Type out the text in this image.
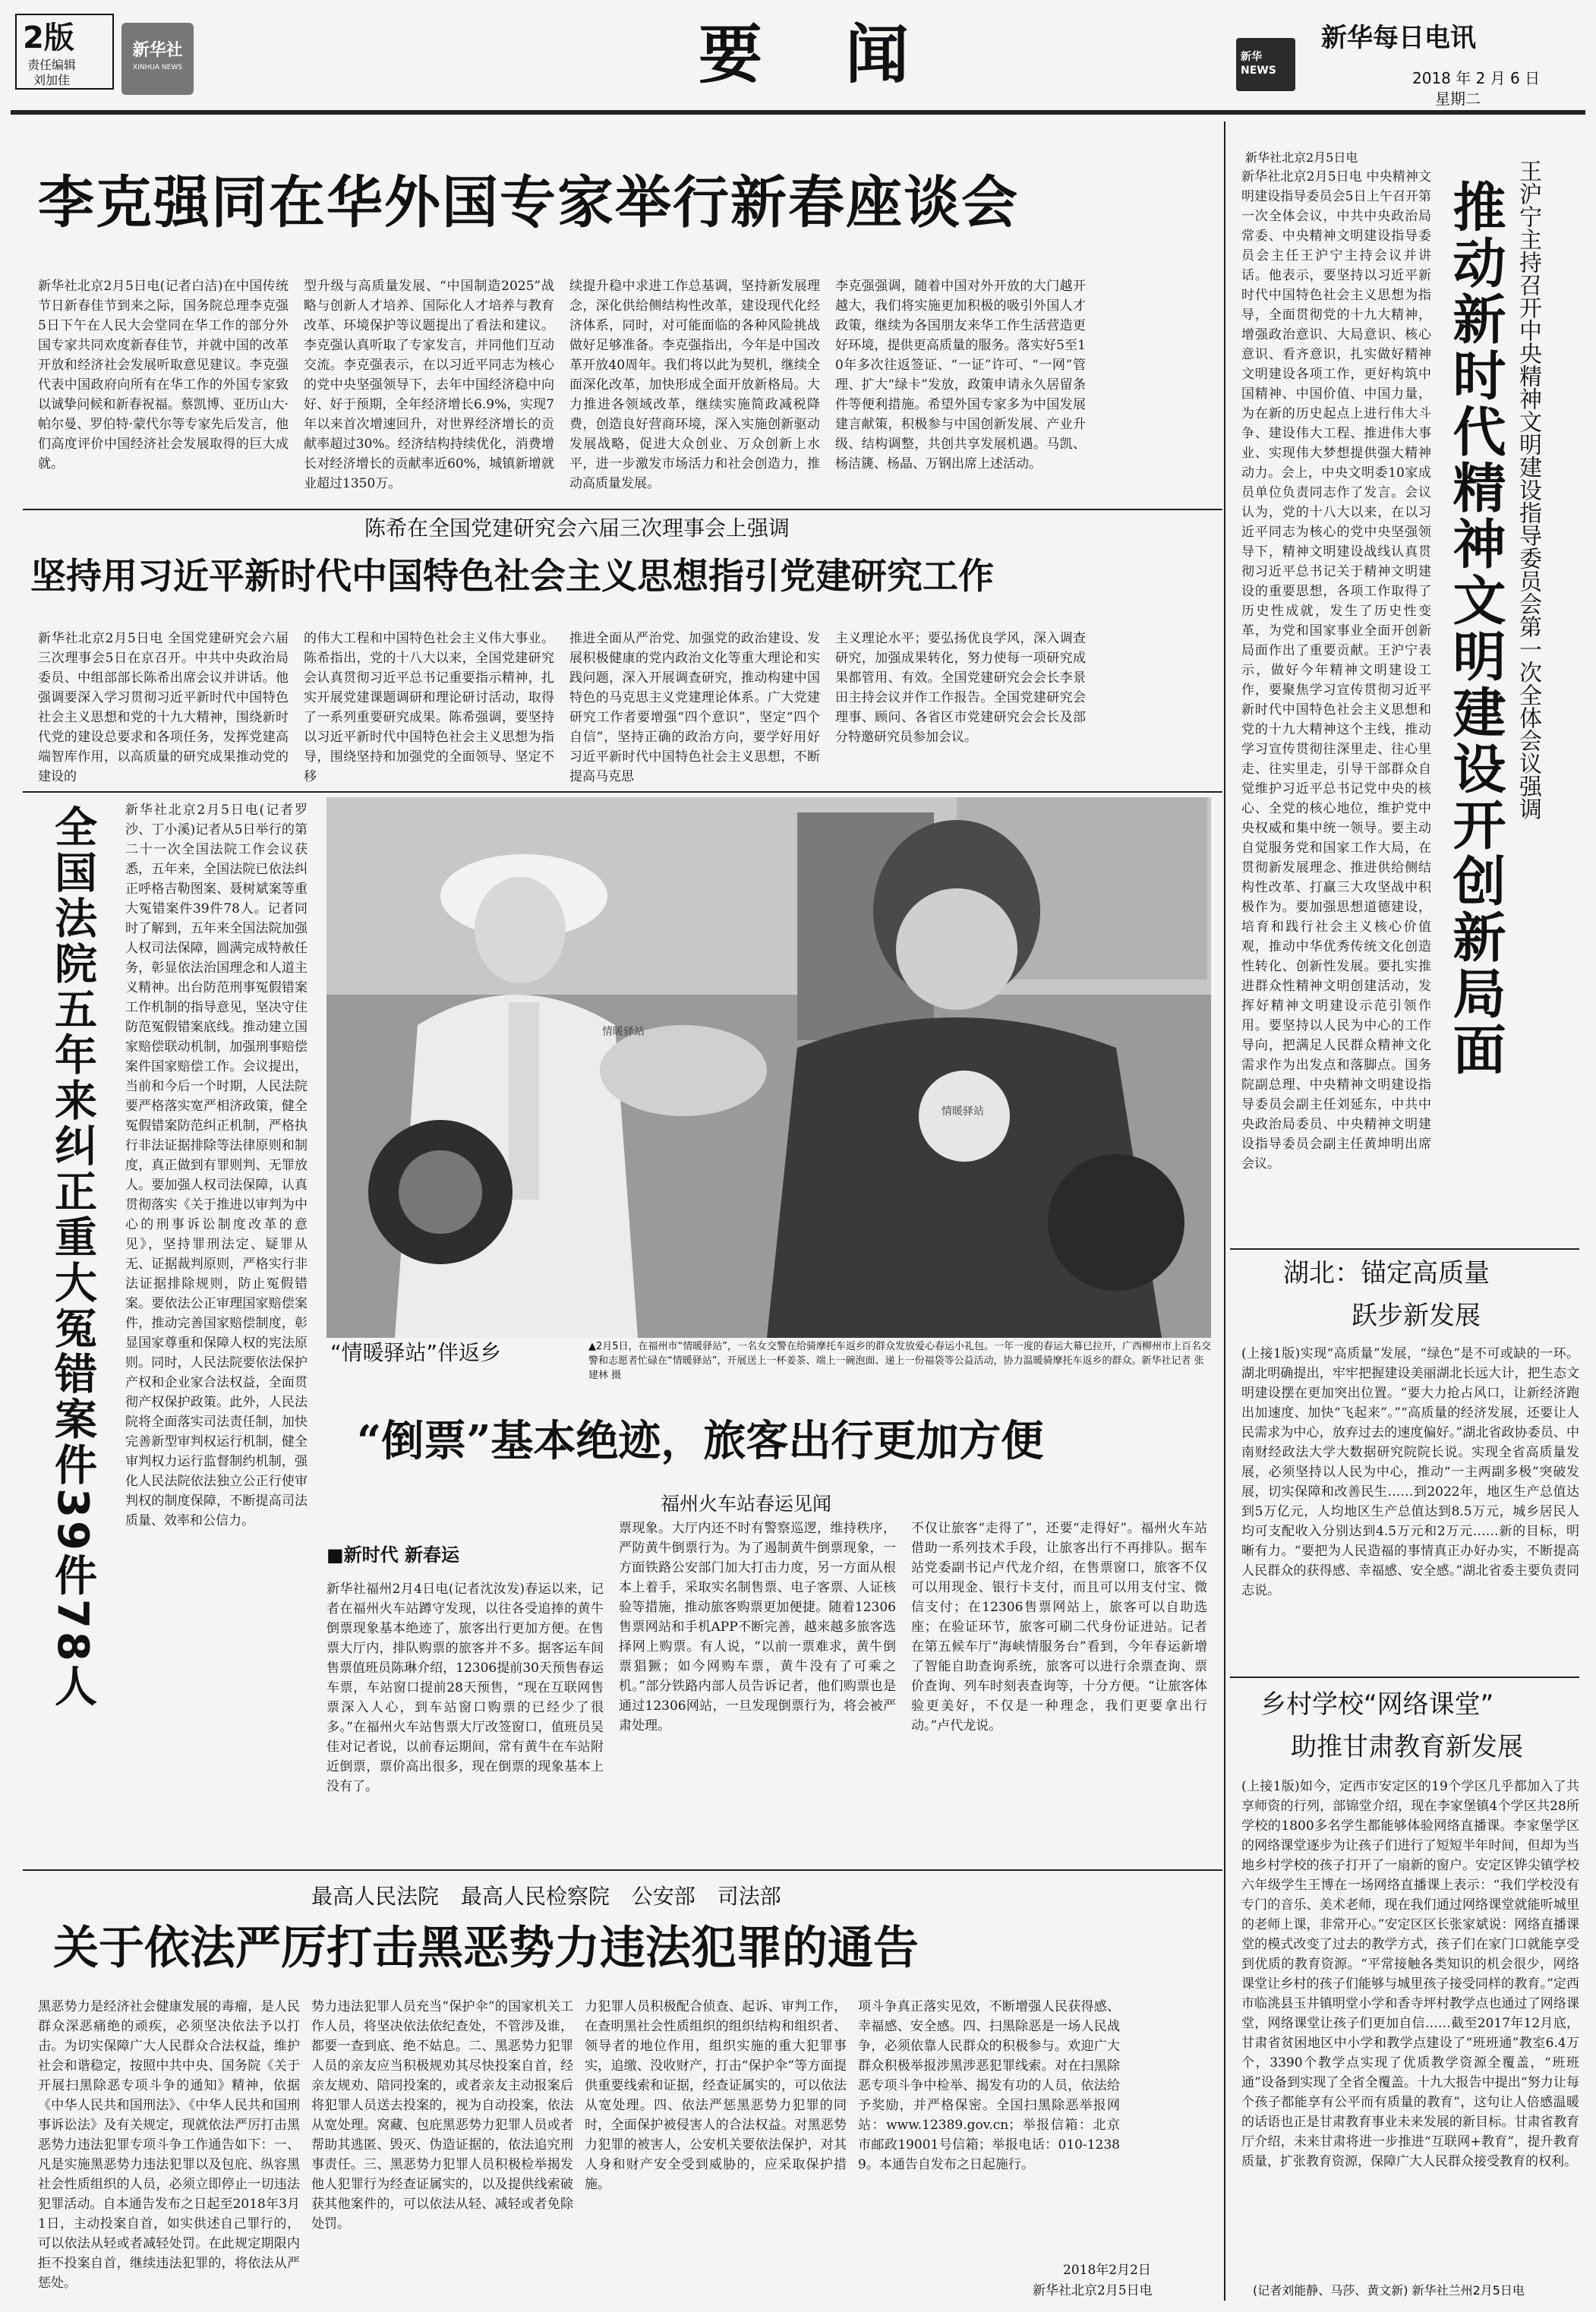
2版
责任编辑
刘加佳
新华社
XINHUA NEWS	要 闻	新华 NEWS
新华每日电讯
2018 年 2 月 6 日
星期二
李克强同在华外国专家举行新春座谈会
新华社北京2月5日电(记者白洁)在中国传统节日新春佳节到来之际，国务院总理李克强5日下午在人民大会堂同在华工作的部分外国专家共同欢度新春佳节，并就中国的改革开放和经济社会发展听取意见建议。李克强代表中国政府向所有在华工作的外国专家致以诚挚问候和新春祝福。蔡凯博、亚历山大·帕尔曼、罗伯特·蒙代尔等专家先后发言，他们高度评价中国经济社会发展取得的巨大成就。
型升级与高质量发展、“中国制造2025”战略与创新人才培养、国际化人才培养与教育改革、环境保护等议题提出了看法和建议。李克强认真听取了专家发言，并同他们互动交流。李克强表示，在以习近平同志为核心的党中央坚强领导下，去年中国经济稳中向好、好于预期，全年经济增长6.9%，实现7年以来首次增速回升，对世界经济增长的贡献率超过30%。经济结构持续优化，消费增长对经济增长的贡献率近60%，城镇新增就业超过1350万。
续提升稳中求进工作总基调，坚持新发展理念，深化供给侧结构性改革，建设现代化经济体系，同时，对可能面临的各种风险挑战做好足够准备。李克强指出，今年是中国改革开放40周年。我们将以此为契机，继续全面深化改革，加快形成全面开放新格局。大力推进各领域改革，继续实施简政减税降费，创造良好营商环境，深入实施创新驱动发展战略，促进大众创业、万众创新上水平，进一步激发市场活力和社会创造力，推动高质量发展。
李克强强调，随着中国对外开放的大门越开越大，我们将实施更加积极的吸引外国人才政策，继续为各国朋友来华工作生活营造更好环境，提供更高质量的服务。落实好5至10年多次往返签证、“一证”许可、“一网”管理、扩大“绿卡”发放，政策申请永久居留条件等便利措施。希望外国专家多为中国发展建言献策，积极参与中国创新发展、产业升级、结构调整，共创共享发展机遇。马凯、杨洁篪、杨晶、万钢出席上述活动。
陈希在全国党建研究会六届三次理事会上强调
坚持用习近平新时代中国特色社会主义思想指引党建研究工作
新华社北京2月5日电 全国党建研究会六届三次理事会5日在京召开。中共中央政治局委员、中组部部长陈希出席会议并讲话。他强调要深入学习贯彻习近平新时代中国特色社会主义思想和党的十九大精神，围绕新时代党的建设总要求和各项任务，发挥党建高端智库作用，以高质量的研究成果推动党的建设的
的伟大工程和中国特色社会主义伟大事业。陈希指出，党的十八大以来，全国党建研究会认真贯彻习近平总书记重要指示精神，扎实开展党建课题调研和理论研讨活动，取得了一系列重要研究成果。陈希强调，要坚持以习近平新时代中国特色社会主义思想为指导，围绕坚持和加强党的全面领导、坚定不移
推进全面从严治党、加强党的政治建设、发展积极健康的党内政治文化等重大理论和实践问题，深入开展调查研究，推动构建中国特色的马克思主义党建理论体系。广大党建研究工作者要增强“四个意识”，坚定“四个自信”，坚持正确的政治方向，要学好用好习近平新时代中国特色社会主义思想，不断提高马克思
主义理论水平；要弘扬优良学风，深入调查研究，加强成果转化，努力使每一项研究成果都管用、有效。全国党建研究会会长李景田主持会议并作工作报告。全国党建研究会理事、顾问、各省区市党建研究会会长及部分特邀研究员参加会议。
全国法院五年来纠正重大冤错案件39件78人 新华社北京2月5日电(记者罗沙、丁小溪)记者从5日举行的第二十一次全国法院工作会议获悉，五年来，全国法院已依法纠正呼格吉勒图案、聂树斌案等重大冤错案件39件78人。记者同时了解到，五年来全国法院加强人权司法保障，圆满完成特赦任务，彰显依法治国理念和人道主义精神。出台防范刑事冤假错案工作机制的指导意见，坚决守住防范冤假错案底线。推动建立国家赔偿联动机制，加强刑事赔偿案件国家赔偿工作。会议提出，当前和今后一个时期，人民法院要严格落实宽严相济政策，健全冤假错案防范纠正机制，严格执行非法证据排除等法律原则和制度，真正做到有罪则判、无罪放人。要加强人权司法保障，认真贯彻落实《关于推进以审判为中心的刑事诉讼制度改革的意见》，坚持罪刑法定、疑罪从无、证据裁判原则，严格实行非法证据排除规则，防止冤假错案。要依法公正审理国家赔偿案件，推动完善国家赔偿制度，彰显国家尊重和保障人权的宪法原则。同时，人民法院要依法保护产权和企业家合法权益，全面贯彻产权保护政策。此外，人民法院将全面落实司法责任制，加快完善新型审判权运行机制，健全审判权力运行监督制约机制，强化人民法院依法独立公正行使审判权的制度保障，不断提高司法质量、效率和公信力。
情暖驿站
情暖驿站
“情暖驿站”伴返乡	▲2月5日，在福州市“情暖驿站”，一名女交警在给骑摩托车返乡的群众发放爱心春运小礼包。一年一度的春运大幕已拉开，广西柳州市上百名交警和志愿者忙碌在“情暖驿站”，开展送上一杯姜茶、端上一碗泡面、递上一份福袋等公益活动，协力温暖骑摩托车返乡的群众。新华社记者 张建林 摄
“倒票”基本绝迹，旅客出行更加方便
福州火车站春运见闻
■新时代 新春运
新华社福州2月4日电(记者沈汝发)春运以来，记者在福州火车站蹲守发现，以往各受追捧的黄牛倒票现象基本绝迹了，旅客出行更加方便。在售票大厅内，排队购票的旅客并不多。据客运车间售票值班员陈琳介绍，12306提前30天预售春运车票，车站窗口提前28天预售，“现在互联网售票深入人心，到车站窗口购票的已经少了很多。”在福州火车站售票大厅改签窗口，值班员吴佳对记者说，以前春运期间，常有黄牛在车站附近倒票，票价高出很多，现在倒票的现象基本上没有了。
票现象。大厅内还不时有警察巡逻，维持秩序，严防黄牛倒票行为。为了遏制黄牛倒票现象，一方面铁路公安部门加大打击力度，另一方面从根本上着手，采取实名制售票、电子客票、人证核验等措施，推动旅客购票更加便捷。随着12306售票网站和手机APP不断完善，越来越多旅客选择网上购票。有人说，“以前一票难求，黄牛倒票猖獗；如今网购车票，黄牛没有了可乘之机。”部分铁路内部人员告诉记者，他们购票也是通过12306网站，一旦发现倒票行为，将会被严肃处理。
不仅让旅客“走得了”，还要“走得好”。福州火车站借助一系列技术手段，让旅客出行不再排队。据车站党委副书记卢代龙介绍，在售票窗口，旅客不仅可以用现金、银行卡支付，而且可以用支付宝、微信支付；在12306售票网站上，旅客可以自助选座；在验证环节，旅客可刷二代身份证进站。记者在第五候车厅“海峡情服务台”看到，今年春运新增了智能自助查询系统，旅客可以进行余票查询、票价查询、列车时刻表查询等，十分方便。“让旅客体验更美好，不仅是一种理念，我们更要拿出行动。”卢代龙说。
最高人民法院 最高人民检察院 公安部 司法部
关于依法严厉打击黑恶势力违法犯罪的通告
黑恶势力是经济社会健康发展的毒瘤，是人民群众深恶痛绝的顽疾，必须坚决依法予以打击。为切实保障广大人民群众合法权益，维护社会和谐稳定，按照中共中央、国务院《关于开展扫黑除恶专项斗争的通知》精神，依据《中华人民共和国刑法》、《中华人民共和国刑事诉讼法》及有关规定，现就依法严厉打击黑恶势力违法犯罪专项斗争工作通告如下：一、凡是实施黑恶势力违法犯罪以及包庇、纵容黑社会性质组织的人员，必须立即停止一切违法犯罪活动。自本通告发布之日起至2018年3月1日，主动投案自首，如实供述自己罪行的，可以依法从轻或者减轻处罚。在此规定期限内拒不投案自首，继续违法犯罪的，将依法从严惩处。
势力违法犯罪人员充当“保护伞”的国家机关工作人员，将坚决依法依纪查处，不管涉及谁，都要一查到底、绝不姑息。二、黑恶势力犯罪人员的亲友应当积极规劝其尽快投案自首，经亲友规劝、陪同投案的，或者亲友主动报案后将犯罪人员送去投案的，视为自动投案，依法从宽处理。窝藏、包庇黑恶势力犯罪人员或者帮助其逃匿、毁灭、伪造证据的，依法追究刑事责任。三、黑恶势力犯罪人员积极检举揭发他人犯罪行为经查证属实的，以及提供线索破获其他案件的，可以依法从轻、减轻或者免除处罚。
力犯罪人员积极配合侦查、起诉、审判工作，在查明黑社会性质组织的组织结构和组织者、领导者的地位作用，组织实施的重大犯罪事实，追缴、没收财产，打击“保护伞”等方面提供重要线索和证据，经查证属实的，可以依法从宽处理。四、依法严惩黑恶势力犯罪的同时，全面保护被侵害人的合法权益。对黑恶势力犯罪的被害人，公安机关要依法保护，对其人身和财产安全受到威胁的，应采取保护措施。
项斗争真正落实见效，不断增强人民获得感、幸福感、安全感。四、扫黑除恶是一场人民战争，必须依靠人民群众的积极参与。欢迎广大群众积极举报涉黑涉恶犯罪线索。对在扫黑除恶专项斗争中检举、揭发有功的人员，依法给予奖励，并严格保密。全国扫黑除恶举报网站：www.12389.gov.cn；举报信箱：北京市邮政19001号信箱；举报电话：010-12389。本通告自发布之日起施行。
2018年2月2日
新华社北京2月5日电
新华社北京2月5日电
新华社北京2月5日电 中央精神文明建设指导委员会5日上午召开第一次全体会议，中共中央政治局常委、中央精神文明建设指导委员会主任王沪宁主持会议并讲话。他表示，要坚持以习近平新时代中国特色社会主义思想为指导，全面贯彻党的十九大精神，增强政治意识、大局意识、核心意识、看齐意识，扎实做好精神文明建设各项工作，更好构筑中国精神、中国价值、中国力量，为在新的历史起点上进行伟大斗争、建设伟大工程、推进伟大事业、实现伟大梦想提供强大精神动力。会上，中央文明委10家成员单位负责同志作了发言。会议认为，党的十八大以来，在以习近平同志为核心的党中央坚强领导下，精神文明建设战线认真贯彻习近平总书记关于精神文明建设的重要思想，各项工作取得了历史性成就，发生了历史性变革，为党和国家事业全面开创新局面作出了重要贡献。王沪宁表示，做好今年精神文明建设工作，要聚焦学习宣传贯彻习近平新时代中国特色社会主义思想和党的十九大精神这个主线，推动学习宣传贯彻往深里走、往心里走、往实里走，引导干部群众自觉维护习近平总书记党中央的核心、全党的核心地位，维护党中央权威和集中统一领导。要主动自觉服务党和国家工作大局，在贯彻新发展理念、推进供给侧结构性改革、打赢三大攻坚战中积极作为。要加强思想道德建设，培育和践行社会主义核心价值观，推动中华优秀传统文化创造性转化、创新性发展。要扎实推进群众性精神文明创建活动，发挥好精神文明建设示范引领作用。要坚持以人民为中心的工作导向，把满足人民群众精神文化需求作为出发点和落脚点。国务院副总理、中央精神文明建设指导委员会副主任刘延东，中共中央政治局委员、中央精神文明建设指导委员会副主任黄坤明出席会议。
王沪宁主持召开中央精神文明建设指导委员会第一次全体会议强调
推动新时代精神文明建设开创新局面
湖北：锚定高质量
跃步新发展
(上接1版)实现“高质量”发展，“绿色”是不可或缺的一环。湖北明确提出，牢牢把握建设美丽湖北长远大计，把生态文明建设摆在更加突出位置。“要大力抢占风口，让新经济跑出加速度、加快“飞起来”。”“高质量的经济发展，还要让人民需求为中心，放弃过去的速度偏好。”湖北省政协委员、中南财经政法大学大数据研究院院长说。实现全省高质量发展，必须坚持以人民为中心，推动“一主两副多极”突破发展，切实保障和改善民生……到2022年，地区生产总值达到5万亿元，人均地区生产总值达到8.5万元，城乡居民人均可支配收入分别达到4.5万元和2万元……新的目标，明晰有力。“要把为人民造福的事情真正办好办实，不断提高人民群众的获得感、幸福感、安全感。”湖北省委主要负责同志说。
乡村学校“网络课堂”
助推甘肃教育新发展
(上接1版)如今，定西市安定区的19个学区几乎都加入了共享师资的行列，部锦堂介绍，现在李家堡镇4个学区共28所学校的1800多名学生都能够体验网络直播课。李家堡学区的网络课堂逐步为让孩子们进行了短短半年时间，但却为当地乡村学校的孩子打开了一扇新的窗户。安定区铧尖镇学校六年级学生王博在一场网络直播课上表示：“我们学校没有专门的音乐、美术老师，现在我们通过网络课堂就能听城里的老师上课，非常开心。”安定区区长张家斌说：网络直播课堂的模式改变了过去的教学方式，孩子们在家门口就能享受到优质的教育资源。“平常接触各类知识的机会很少，网络课堂让乡村的孩子们能够与城里孩子接受同样的教育。”定西市临洮县玉井镇明堂小学和香寺坪村教学点也通过了网络课堂，网络课堂让孩子们更加自信……截至2017年12月底，甘肃省贫困地区中小学和教学点建设了“班班通”教室6.4万个，3390个教学点实现了优质教学资源全覆盖，“班班通”设备到实现了全省全覆盖。十九大报告中提出“努力让每个孩子都能享有公平而有质量的教育”，这句让人倍感温暖的话语也正是甘肃教育事业未来发展的新目标。甘肃省教育厅介绍，未来甘肃将进一步推进“互联网+教育”，提升教育质量，扩张教育资源，保障广大人民群众接受教育的权利。
(记者刘能静、马莎、黄文新) 新华社兰州2月5日电
